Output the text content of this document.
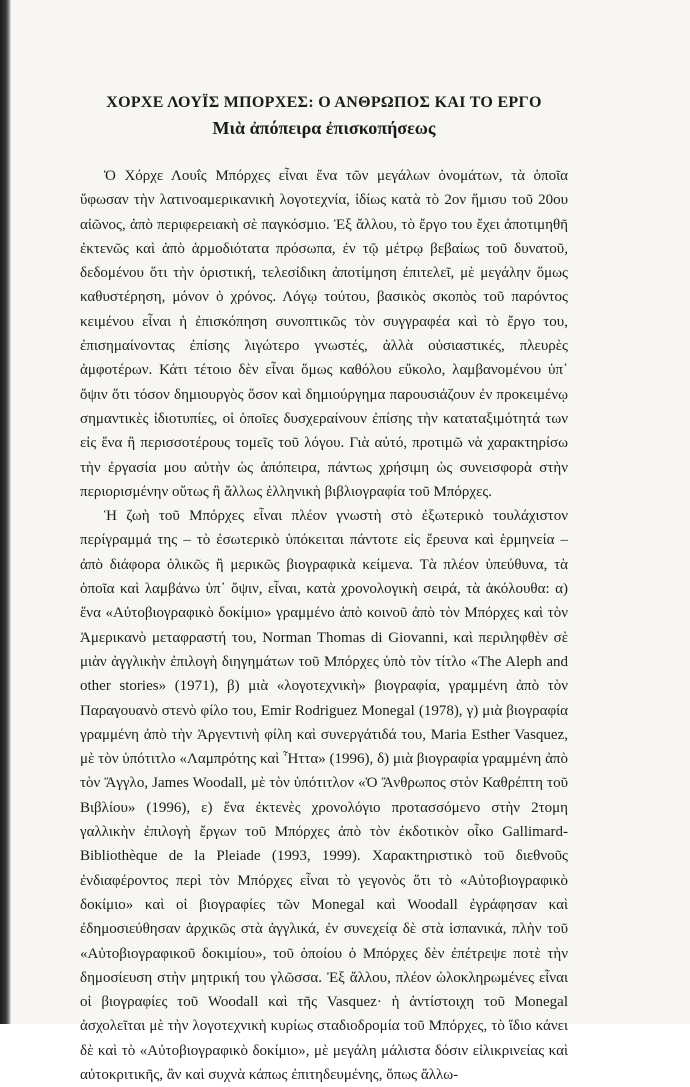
ΧΟΡΧΕ ΛΟΥΪΣ ΜΠΟΡΧΕΣ: Ο ΑΝΘΡΩΠΟΣ ΚΑΙ ΤΟ ΕΡΓΟ
Μιὰ ἀπόπειρα ἐπισκοπήσεως

Ὁ Χόρχε Λουΐς Μπόρχες εἶναι ἕνα τῶν μεγάλων ὀνομάτων, τὰ ὁποῖα ὕφωσαν τὴν λατινοαμερικανικὴ λογοτεχνία, ἰδίως κατὰ τὸ 2ον ἥμισυ τοῦ 20ου αἰῶνος, ἀπὸ περιφερειακὴ σὲ παγκόσμιο. Ἐξ ἄλλου, τὸ ἔργο του ἔχει ἀποτιμηθῆ ἐκτενῶς καὶ ἀπὸ ἁρμοδιότατα πρόσωπα, ἐν τῷ μέτρῳ βεβαίως τοῦ δυνατοῦ, δεδομένου ὅτι τὴν ὁριστική, τελεσίδικη ἀποτίμηση ἐπιτελεῖ, μὲ μεγάλην ὅμως καθυστέρηση, μόνον ὁ χρόνος. Λόγῳ τούτου, βασικὸς σκοπὸς τοῦ παρόντος κειμένου εἶναι ἡ ἐπισκόπηση συνοπτικῶς τὸν συγγραφέα καὶ τὸ ἔργο του, ἐπισημαίνοντας ἐπίσης λιγώτερο γνωστές, ἀλλὰ οὐσιαστικές, πλευρὲς ἀμφοτέρων. Κάτι τέτοιο δὲν εἶναι ὅμως καθόλου εὔκολο, λαμβανομένου ὑπ᾽ ὄψιν ὅτι τόσον δημιουργὸς ὅσον καὶ δημιούργημα παρουσιάζουν ἐν προκειμένῳ σημαντικὲς ἰδιοτυπίες, οἱ ὁποῖες δυσχεραίνουν ἐπίσης τὴν καταταξιμότητά των εἰς ἕνα ἢ περισσοτέρους τομεῖς τοῦ λόγου. Γιὰ αὐτό, προτιμῶ νὰ χαρακτηρίσω τὴν ἐργασία μου αὐτὴν ὡς ἀπόπειρα, πάντως χρήσιμη ὡς συνεισφορὰ στὴν περιορισμένην οὕτως ἢ ἄλλως ἑλληνικὴ βιβλιογραφία τοῦ Μπόρχες.

Ἡ ζωὴ τοῦ Μπόρχες εἶναι πλέον γνωστὴ στὸ ἐξωτερικὸ τουλάχιστον περίγραμμά της – τὸ ἐσωτερικὸ ὑπόκειται πάντοτε εἰς ἔρευνα καὶ ἑρμηνεία – ἀπὸ διάφορα ὁλικῶς ἢ μερικῶς βιογραφικὰ κείμενα. Τὰ πλέον ὑπεύθυνα, τὰ ὁποῖα καὶ λαμβάνω ὑπ᾽ ὄψιν, εἶναι, κατὰ χρονολογικὴ σειρά, τὰ ἀκόλουθα: α) ἕνα «Αὐτοβιογραφικὸ δοκίμιο» γραμμένο ἀπὸ κοινοῦ ἀπὸ τὸν Μπόρχες καὶ τὸν Ἀμερικανὸ μεταφραστή του, Norman Thomas di Giovanni, καὶ περιληφθὲν σὲ μιὰν ἀγγλικὴν ἐπιλογὴ διηγημάτων τοῦ Μπόρχες ὑπὸ τὸν τίτλο «The Aleph and other stories» (1971), β) μιὰ «λογοτεχνικὴ» βιογραφία, γραμμένη ἀπὸ τὸν Παραγουανὸ στενὸ φίλο του, Emir Rodriguez Monegal (1978), γ) μιὰ βιογραφία γραμμένη ἀπὸ τὴν Ἀργεντινὴ φίλη καὶ συνεργάτιδά του, Maria Esther Vasquez, μὲ τὸν ὑπότιτλο «Λαμπρότης καὶ Ἧττα» (1996), δ) μιὰ βιογραφία γραμμένη ἀπὸ τὸν Ἄγγλο, James Woodall, μὲ τὸν ὑπότιτλον «Ὁ Ἄνθρωπος στὸν Καθρέπτη τοῦ Βιβλίου» (1996), ε) ἕνα ἐκτενὲς χρονολόγιο προτασσόμενο στὴν 2τομη γαλλικὴν ἐπιλογὴ ἔργων τοῦ Μπόρχες ἀπὸ τὸν ἐκδοτικὸν οἶκο Gallimard-Bibliothèque de la Pleiade (1993, 1999). Χαρακτηριστικὸ τοῦ διεθνοῦς ἐνδιαφέροντος περὶ τὸν Μπόρχες εἶναι τὸ γεγονὸς ὅτι τὸ «Αὐτοβιογραφικὸ δοκίμιο» καὶ οἱ βιογραφίες τῶν Monegal καὶ Woodall ἐγράφησαν καὶ ἐδημοσιεύθησαν ἀρχικῶς στὰ ἀγγλικά, ἐν συνεχείᾳ δὲ στὰ ἱσπανικά, πλὴν τοῦ «Αὐτοβιογραφικοῦ δοκιμίου», τοῦ ὁποίου ὁ Μπόρχες δὲν ἐπέτρεψε ποτὲ τὴν δημοσίευση στὴν μητρική του γλῶσσα. Ἐξ ἄλλου, πλέον ὡλοκληρωμένες εἶναι οἱ βιογραφίες τοῦ Woodall καὶ τῆς Vasquez· ἡ ἀντίστοιχη τοῦ Monegal ἀσχολεῖται μὲ τὴν λογοτεχνικὴ κυρίως σταδιοδρομία τοῦ Μπόρχες, τὸ ἴδιο κάνει δὲ καὶ τὸ «Αὐτοβιογραφικὸ δοκίμιο», μὲ μεγάλη μάλιστα δόσιν εἰλικρινείας καὶ αὐτοκριτικῆς, ἂν καὶ συχνὰ κάπως ἐπιτηδευμένης, ὅπως ἄλλω-
